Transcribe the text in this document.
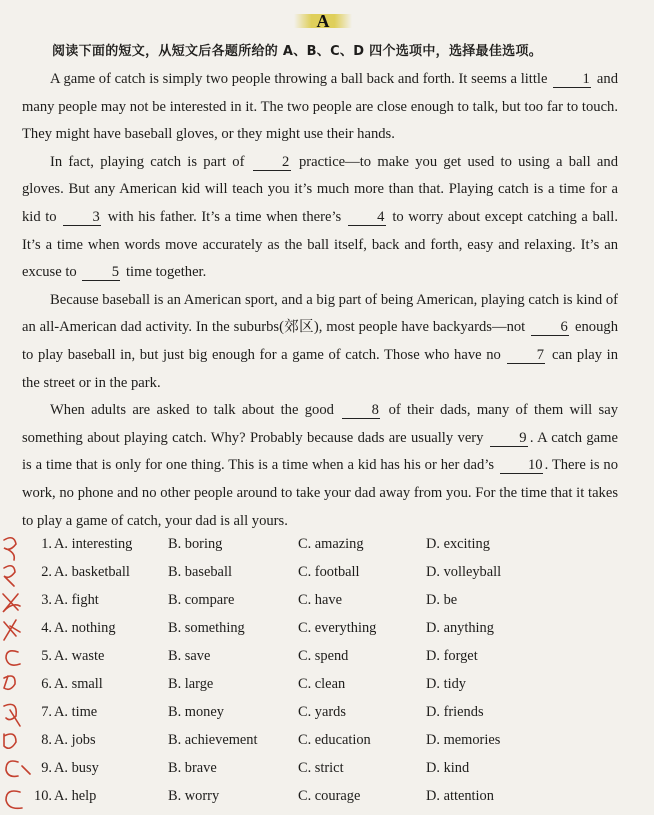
A
阅读下面的短文，从短文后各题所给的 A、B、C、D 四个选项中，选择最佳选项。

A game of catch is simply two people throwing a ball back and forth. It seems a little 1 and many people may not be interested in it. The two people are close enough to talk, but too far to touch. They might have baseball gloves, or they might use their hands.

In fact, playing catch is part of 2 practice—to make you get used to using a ball and gloves. But any American kid will teach you it’s much more than that. Playing catch is a time for a kid to 3 with his father. It’s a time when there’s 4 to worry about except catching a ball. It’s a time when words move accurately as the ball itself, back and forth, easy and relaxing. It’s an excuse to 5 time together.

Because baseball is an American sport, and a big part of being American, playing catch is kind of an all-American dad activity. In the suburbs(郊区), most people have backyards—not 6 enough to play baseball in, but just big enough for a game of catch. Those who have no 7 can play in the street or in the park.

When adults are asked to talk about the good 8 of their dads, many of them will say something about playing catch. Why? Probably because dads are usually very 9 . A catch game is a time that is only for one thing. This is a time when a kid has his or her dad’s 10 . There is no work, no phone and no other people around to take your dad away from you. For the time that it takes to play a game of catch, your dad is all yours.

1. A. interesting B. boring	C. amazing	D. exciting
2. A. basketball	B. baseball	C. football	D. volleyball
3. A. fight	B. compare	C. have	D. be
4. A. nothing	B. something	C. everything	D. anything
5. A. waste	B. save	C. spend	D. forget
6. A. small	B. large	C. clean	D. tidy
7. A. time	B. money	C. yards	D. friends
8. A. jobs	B. achievement	C. education	D. memories
9. A. busy	B. brave	C. strict	D. kind
10. A. help	B. worry	C. courage	D. attention
